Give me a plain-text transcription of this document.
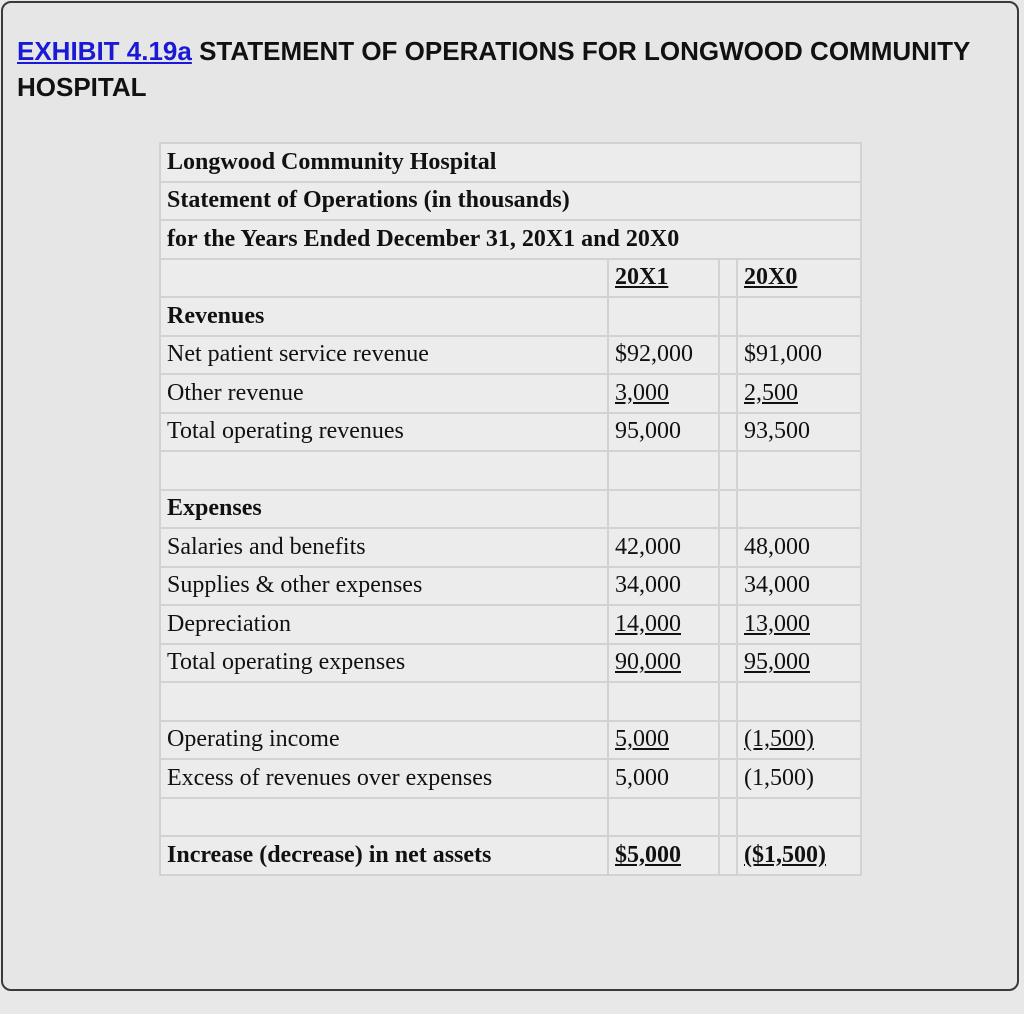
EXHIBIT 4.19a STATEMENT OF OPERATIONS FOR LONGWOOD COMMUNITY HOSPITAL
Longwood Community Hospital			
Statement of Operations (in thousands)			
for the Years Ended December 31, 20X1 and 20X0			
	20X1		20X0
Revenues			
Net patient service revenue	$92,000		$91,000
Other revenue	3,000		2,500
Total operating revenues	95,000		93,500

Expenses			
Salaries and benefits	42,000		48,000
Supplies & other expenses	34,000		34,000
Depreciation	14,000		13,000
Total operating expenses	90,000		95,000

Operating income	5,000		(1,500)
Excess of revenues over expenses	5,000		(1,500)

Increase (decrease) in net assets	$5,000		($1,500)
